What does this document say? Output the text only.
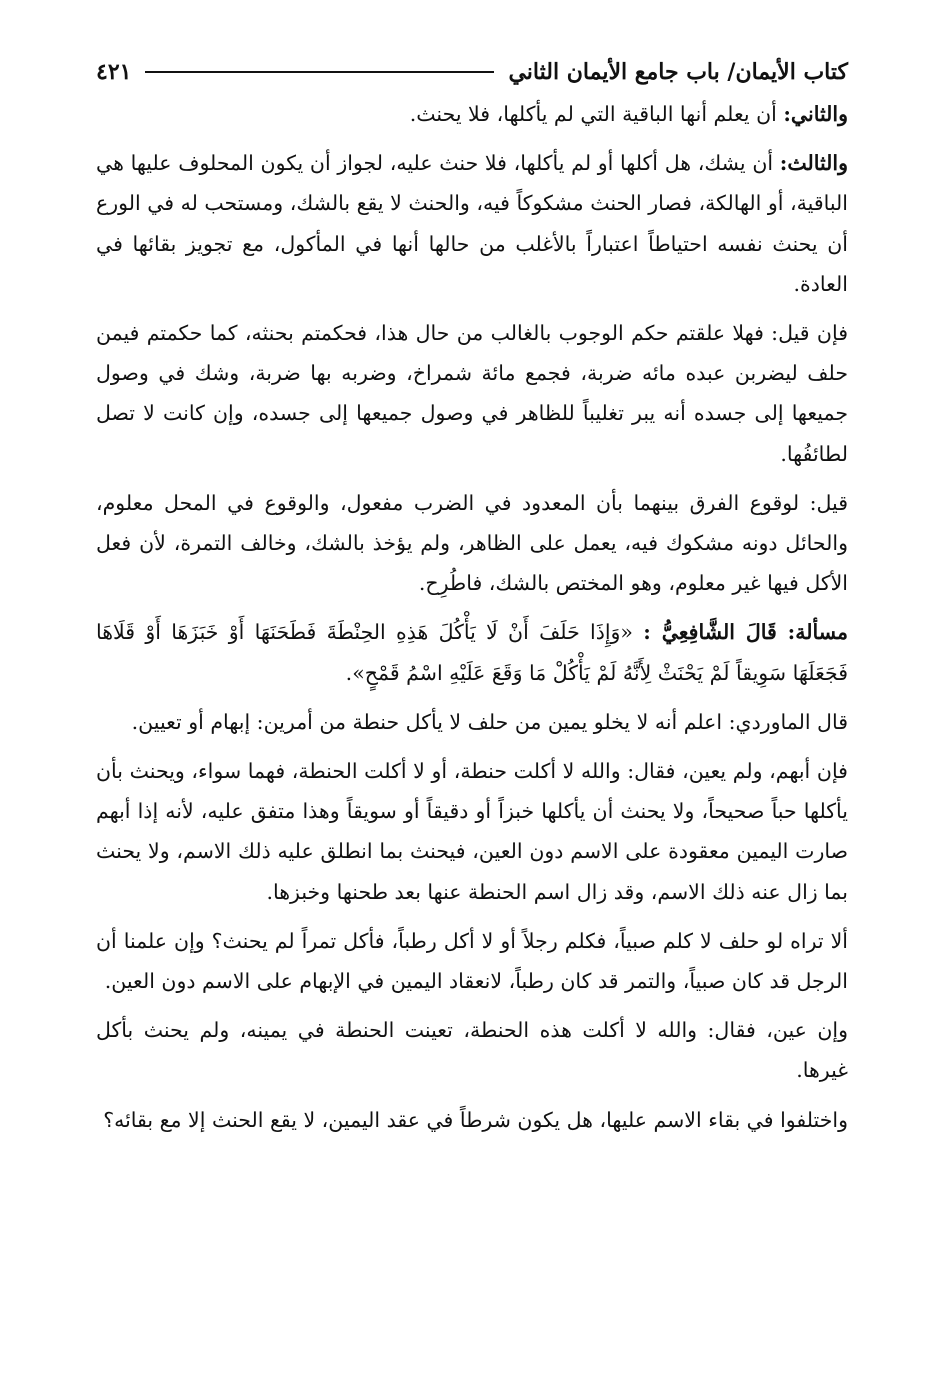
كتاب الأيمان/ باب جامع الأيمان الثاني
٤٢١

والثاني: أن يعلم أنها الباقية التي لم يأكلها، فلا يحنث.

والثالث: أن يشك، هل أكلها أو لم يأكلها، فلا حنث عليه، لجواز أن يكون المحلوف عليها هي الباقية، أو الهالكة، فصار الحنث مشكوكاً فيه، والحنث لا يقع بالشك، ومستحب له في الورع أن يحنث نفسه احتياطاً اعتباراً بالأغلب من حالها أنها في المأكول، مع تجويز بقائها في العادة.

فإن قيل: فهلا علقتم حكم الوجوب بالغالب من حال هذا، فحكمتم بحنثه، كما حكمتم فيمن حلف ليضربن عبده مائه ضربة، فجمع مائة شمراخ، وضربه بها ضربة، وشك في وصول جميعها إلى جسده أنه يبر تغليباً للظاهر في وصول جميعها إلى جسده، وإن كانت لا تصل لطائفُها.

قيل: لوقوع الفرق بينهما بأن المعدود في الضرب مفعول، والوقوع في المحل معلوم، والحائل دونه مشكوك فيه، يعمل على الظاهر، ولم يؤخذ بالشك، وخالف التمرة، لأن فعل الأكل فيها غير معلوم، وهو المختص بالشك، فاطُرِح.

مسألة: قَالَ الشَّافِعِيُّ : «وَإِذَا حَلَفَ أَنْ لَا يَأْكُلَ هَذِهِ الحِنْطَةَ فَطَحَنَهَا أَوْ خَبَزَهَا أَوْ قَلَاهَا فَجَعَلَهَا سَوِيقاً لَمْ يَحْنَثْ لِأَنَّهُ لَمْ يَأْكُلْ مَا وَقَعَ عَلَيْهِ اسْمُ قَمْحٍ».

قال الماوردي: اعلم أنه لا يخلو يمين من حلف لا يأكل حنطة من أمرين: إبهام أو تعيين.

فإن أبهم، ولم يعين، فقال: والله لا أكلت حنطة، أو لا أكلت الحنطة، فهما سواء، ويحنث بأن يأكلها حباً صحيحاً، ولا يحنث أن يأكلها خبزاً أو دقيقاً أو سويقاً وهذا متفق عليه، لأنه إذا أبهم صارت اليمين معقودة على الاسم دون العين، فيحنث بما انطلق عليه ذلك الاسم، ولا يحنث بما زال عنه ذلك الاسم، وقد زال اسم الحنطة عنها بعد طحنها وخبزها.

ألا تراه لو حلف لا كلم صبياً، فكلم رجلاً أو لا أكل رطباً، فأكل تمراً لم يحنث؟ وإن علمنا أن الرجل قد كان صبياً، والتمر قد كان رطباً، لانعقاد اليمين في الإبهام على الاسم دون العين.

وإن عين، فقال: والله لا أكلت هذه الحنطة، تعينت الحنطة في يمينه، ولم يحنث بأكل غيرها.

واختلفوا في بقاء الاسم عليها، هل يكون شرطاً في عقد اليمين، لا يقع الحنث إلا مع بقائه؟
